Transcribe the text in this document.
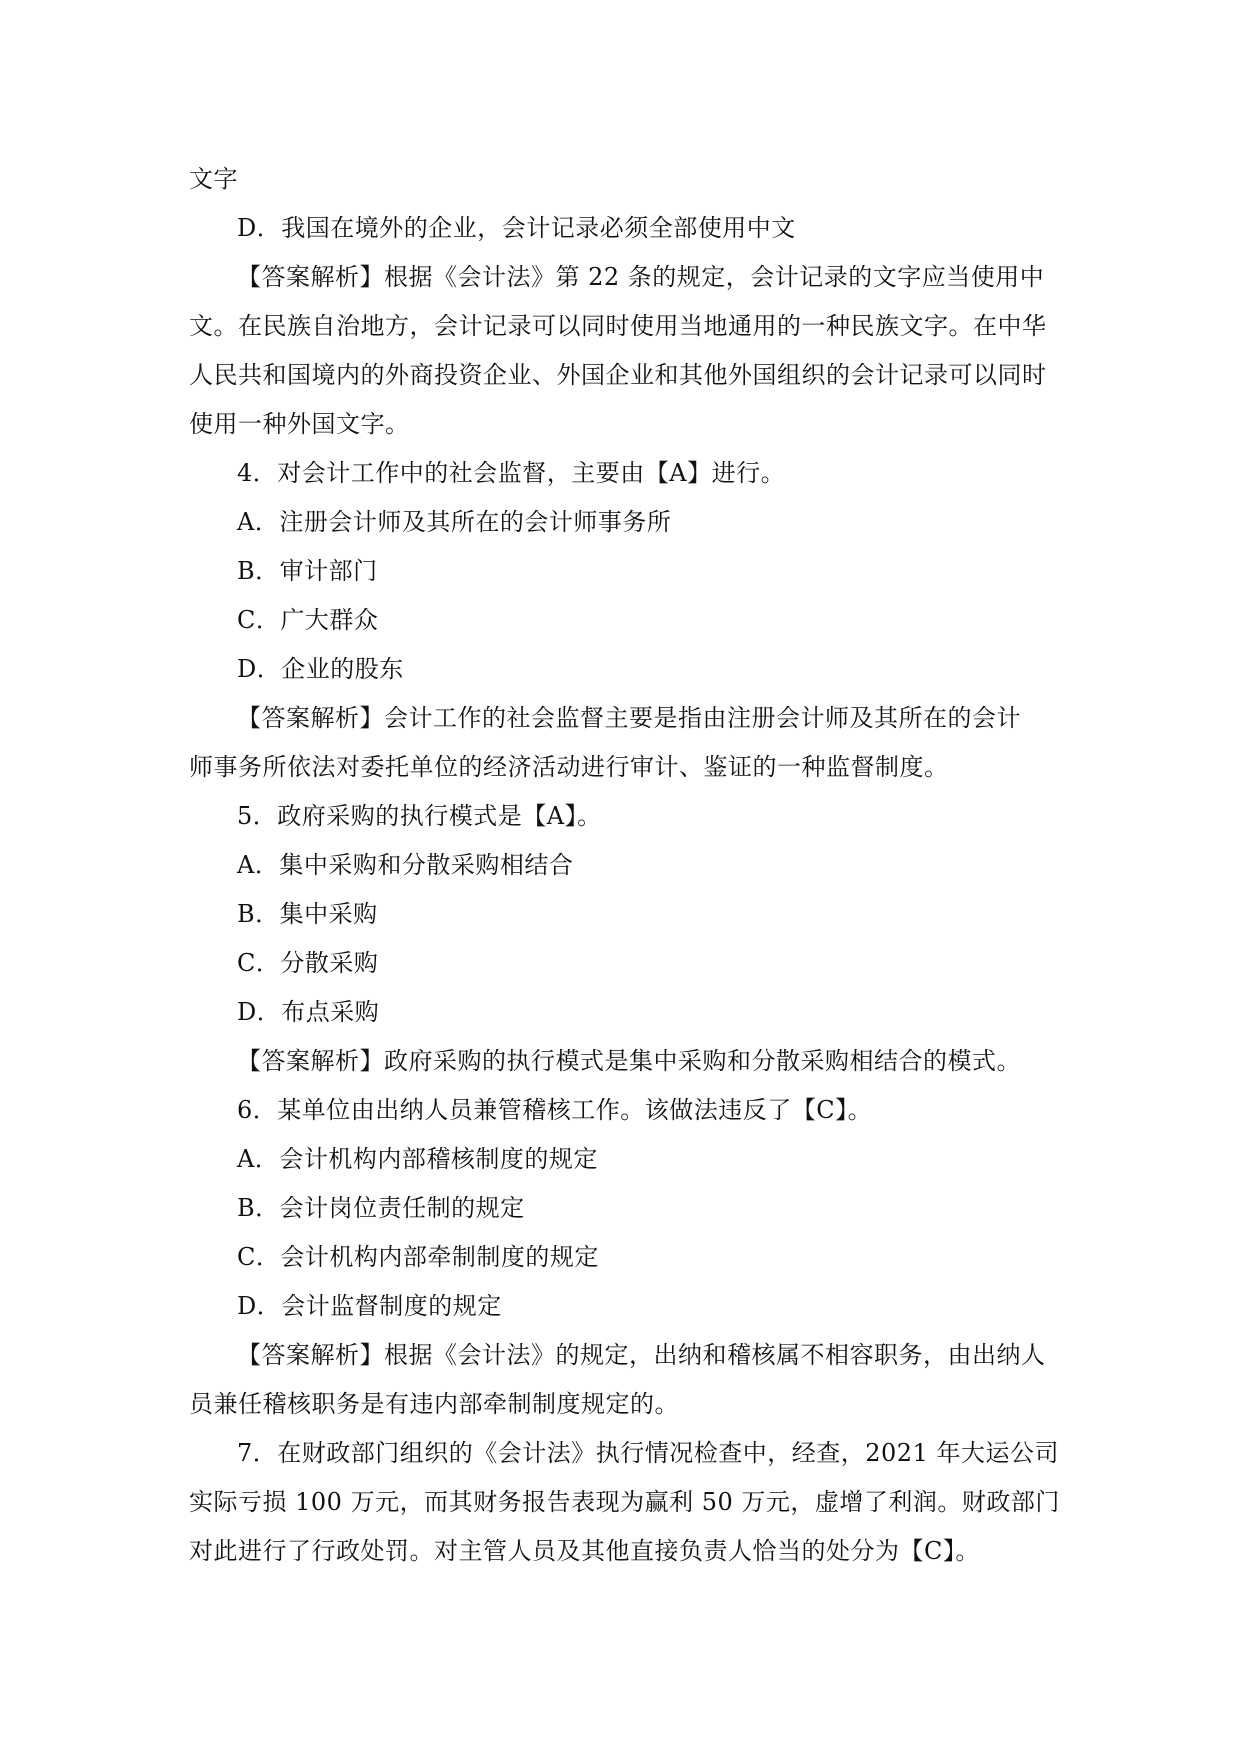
文字
D．我国在境外的企业，会计记录必须全部使用中文
【答案解析】根据《会计法》第 22 条的规定，会计记录的文字应当使用中
文。在民族自治地方，会计记录可以同时使用当地通用的一种民族文字。在中华
人民共和国境内的外商投资企业、外国企业和其他外国组织的会计记录可以同时
使用一种外国文字。
4．对会计工作中的社会监督，主要由【A】进行。
A．注册会计师及其所在的会计师事务所
B．审计部门
C．广大群众
D．企业的股东
【答案解析】会计工作的社会监督主要是指由注册会计师及其所在的会计
师事务所依法对委托单位的经济活动进行审计、鉴证的一种监督制度。
5．政府采购的执行模式是【A】。
A．集中采购和分散采购相结合
B．集中采购
C．分散采购
D．布点采购
【答案解析】政府采购的执行模式是集中采购和分散采购相结合的模式。
6．某单位由出纳人员兼管稽核工作。该做法违反了【C】。
A．会计机构内部稽核制度的规定
B．会计岗位责任制的规定
C．会计机构内部牵制制度的规定
D．会计监督制度的规定
【答案解析】根据《会计法》的规定，出纳和稽核属不相容职务，由出纳人
员兼任稽核职务是有违内部牵制制度规定的。
7．在财政部门组织的《会计法》执行情况检查中，经查，2021 年大运公司
实际亏损 100 万元，而其财务报告表现为赢利 50 万元，虚增了利润。财政部门
对此进行了行政处罚。对主管人员及其他直接负责人恰当的处分为【C】。
